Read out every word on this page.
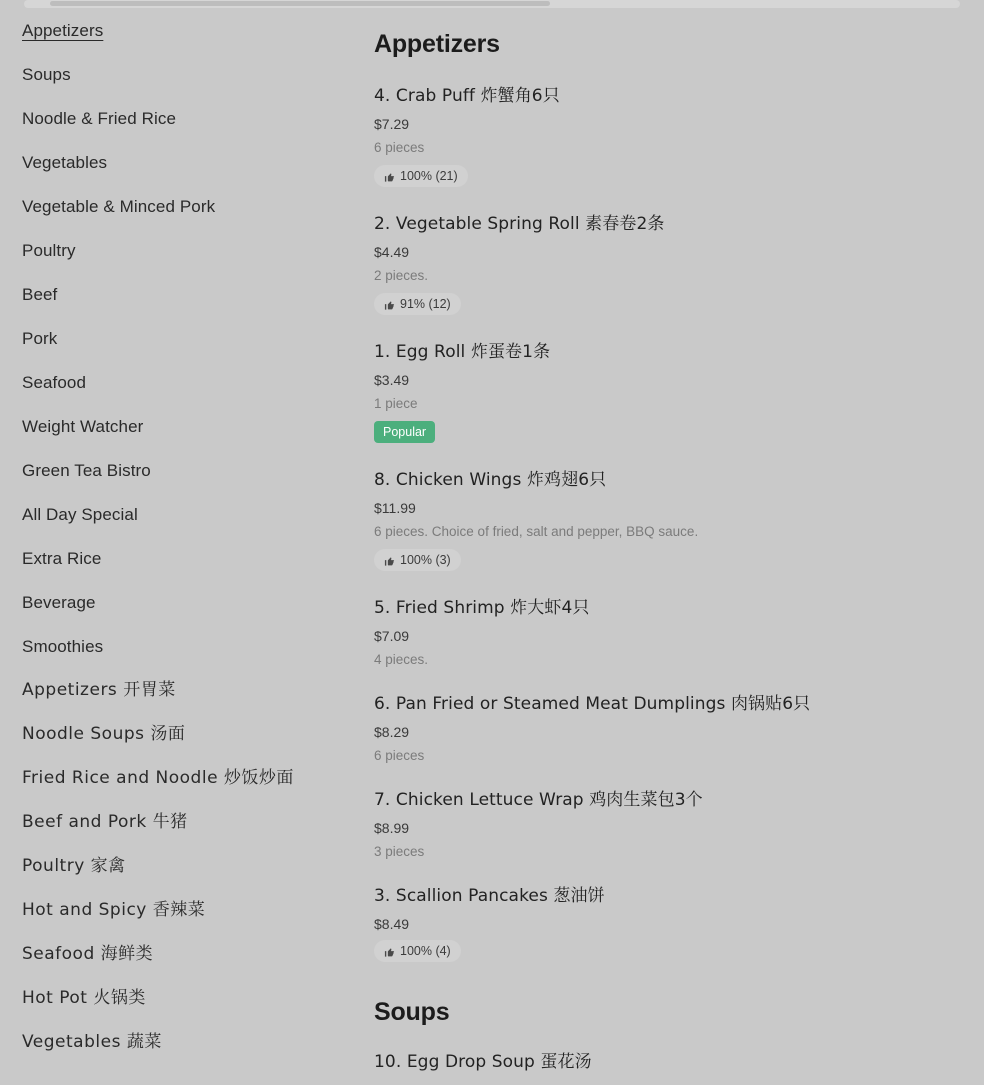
Appetizers
Soups
Noodle & Fried Rice
Vegetables
Vegetable & Minced Pork
Poultry
Beef
Pork
Seafood
Weight Watcher
Green Tea Bistro
All Day Special
Extra Rice
Beverage
Smoothies
Appetizers 开胃菜
Noodle Soups 汤面
Fried Rice and Noodle 炒饭炒面
Beef and Pork 牛猪
Poultry 家禽
Hot and Spicy 香辣菜
Seafood 海鲜类
Hot Pot 火锅类
Vegetables 蔬菜
Appetizers
4. Crab Puff 炸蟹角6只
$7.29
6 pieces
100% (21)
2. Vegetable Spring Roll 素春卷2条
$4.49
2 pieces.
91% (12)
1. Egg Roll 炸蛋卷1条
$3.49
1 piece
Popular
8. Chicken Wings 炸鸡翅6只
$11.99
6 pieces. Choice of fried, salt and pepper, BBQ sauce.
100% (3)
5. Fried Shrimp 炸大虾4只
$7.09
4 pieces.
6. Pan Fried or Steamed Meat Dumplings 肉锅贴6只
$8.29
6 pieces
7. Chicken Lettuce Wrap 鸡肉生菜包3个
$8.99
3 pieces
3. Scallion Pancakes 葱油饼
$8.49
100% (4)
Soups
10. Egg Drop Soup 蛋花汤
